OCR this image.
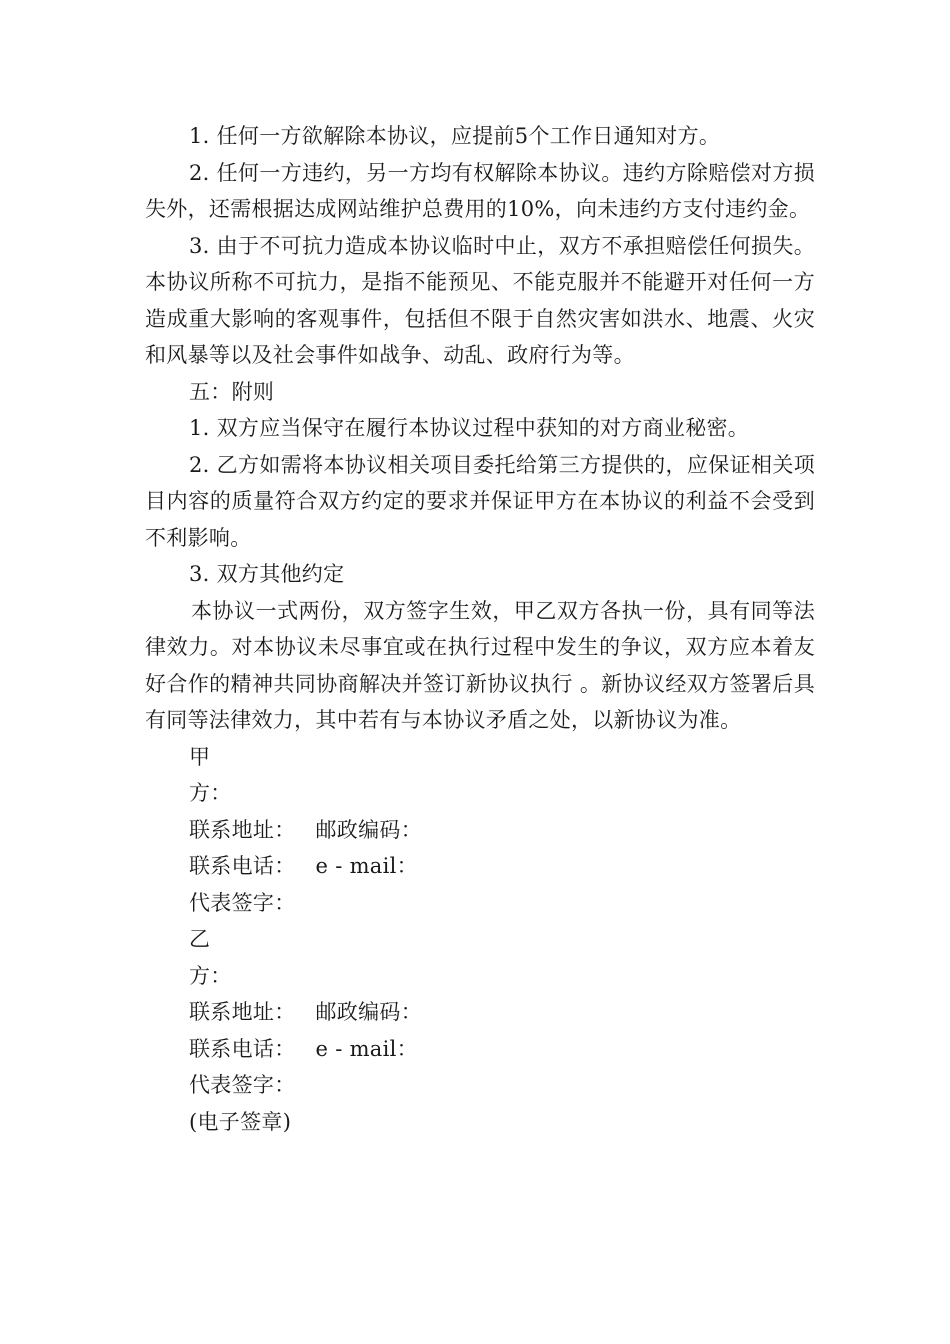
1. 任何一方欲解除本协议，应提前5个工作日通知对方。

2. 任何一方违约，另一方均有权解除本协议。违约方除赔偿对方损失外，还需根据达成网站维护总费用的10%，向未违约方支付违约金。

3. 由于不可抗力造成本协议临时中止，双方不承担赔偿任何损失。本协议所称不可抗力，是指不能预见、不能克服并不能避开对任何一方造成重大影响的客观事件，包括但不限于自然灾害如洪水、地震、火灾和风暴等以及社会事件如战争、动乱、政府行为等。

五：附则

1. 双方应当保守在履行本协议过程中获知的对方商业秘密。

2. 乙方如需将本协议相关项目委托给第三方提供的，应保证相关项目内容的质量符合双方约定的要求并保证甲方在本协议的利益不会受到不利影响。

3. 双方其他约定

本协议一式两份，双方签字生效，甲乙双方各执一份，具有同等法律效力。对本协议未尽事宜或在执行过程中发生的争议，双方应本着友好合作的精神共同协商解决并签订新协议执行 。新协议经双方签署后具有同等法律效力，其中若有与本协议矛盾之处，以新协议为准。

甲

方：

联系地址： 邮政编码：

联系电话： e - mail：

代表签字：

乙

方：

联系地址： 邮政编码：

联系电话： e - mail：

代表签字：

(电子签章)
